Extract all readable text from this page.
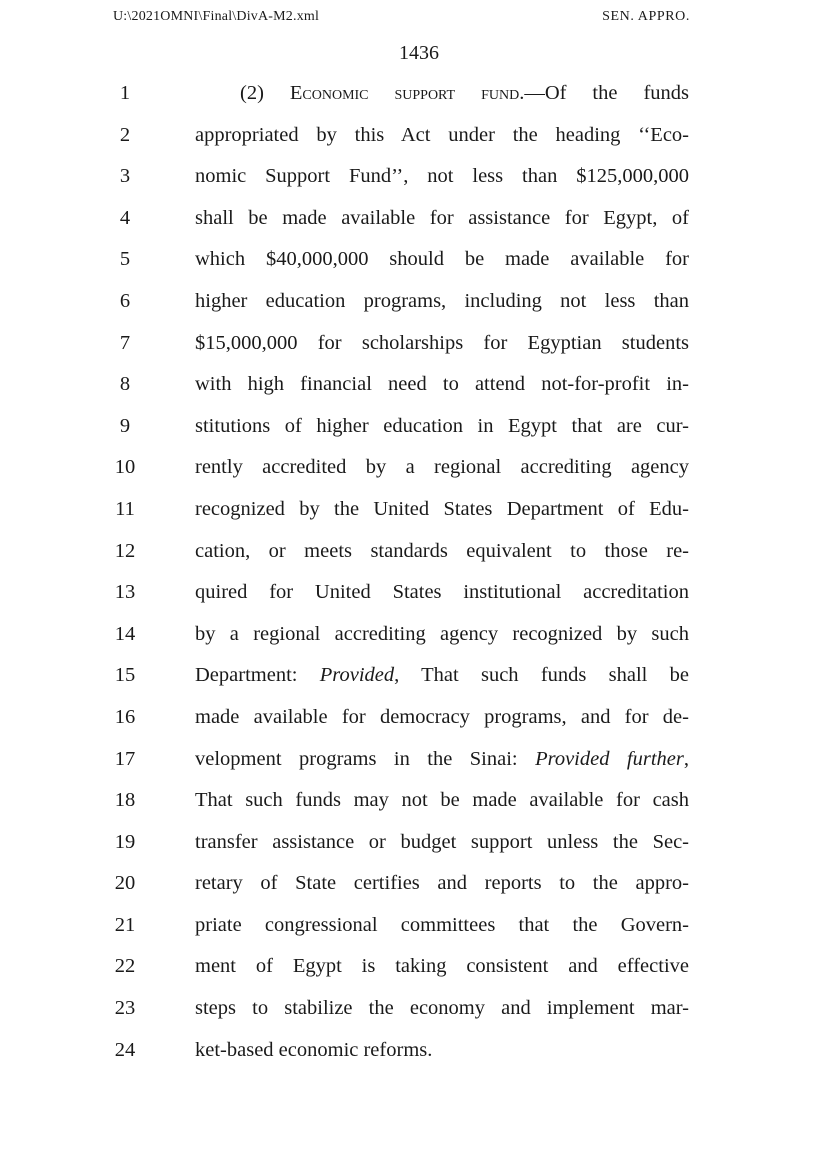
U:\2021OMNI\Final\DivA-M2.xml	SEN. APPRO.
1436
1
2
3
4
5
6
7
8
9
10
11
12
13
14
15
16
17
18
19
20
21
22
23
24
(2) Economic support fund.—Of the funds
appropriated by this Act under the heading ‘‘Eco-
nomic Support Fund’’, not less than $125,000,000
shall be made available for assistance for Egypt, of
which $40,000,000 should be made available for
higher education programs, including not less than
$15,000,000 for scholarships for Egyptian students
with high financial need to attend not-for-profit in-
stitutions of higher education in Egypt that are cur-
rently accredited by a regional accrediting agency
recognized by the United States Department of Edu-
cation, or meets standards equivalent to those re-
quired for United States institutional accreditation
by a regional accrediting agency recognized by such
Department: Provided, That such funds shall be
made available for democracy programs, and for de-
velopment programs in the Sinai: Provided further,
That such funds may not be made available for cash
transfer assistance or budget support unless the Sec-
retary of State certifies and reports to the appro-
priate congressional committees that the Govern-
ment of Egypt is taking consistent and effective
steps to stabilize the economy and implement mar-
ket-based economic reforms.
